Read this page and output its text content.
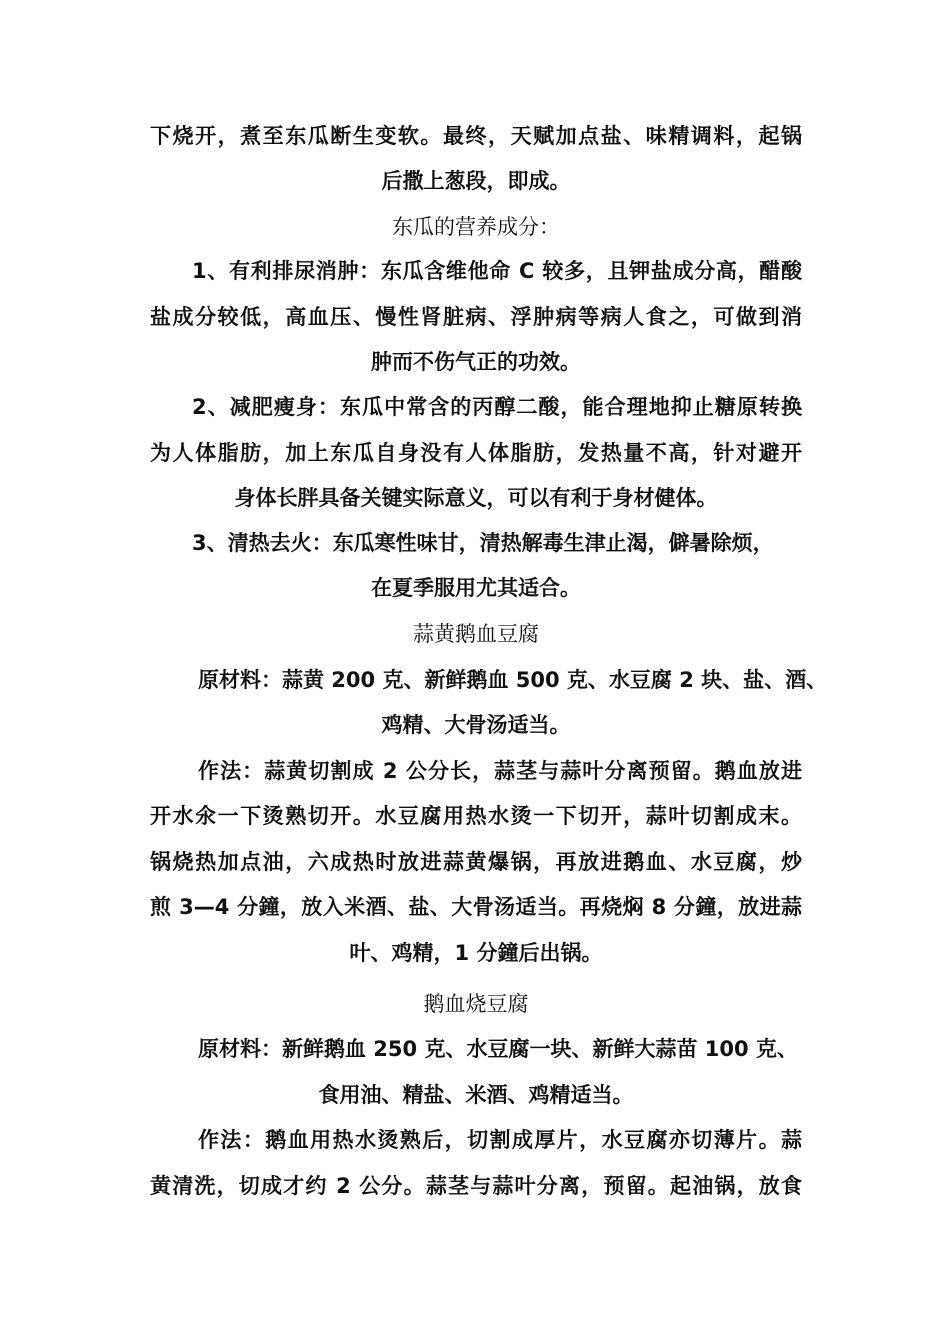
下烧开，煮至东瓜断生变软。最终，天赋加点盐、味精调料，起锅
后撒上葱段，即成。
东瓜的营养成分：
1、有利排尿消肿：东瓜含维他命 C 较多，且钾盐成分高，醋酸
盐成分较低，高血压、慢性肾脏病、浮肿病等病人食之，可做到消
肿而不伤气正的功效。
2、减肥瘦身：东瓜中常含的丙醇二酸，能合理地抑止糖原转换
为人体脂肪，加上东瓜自身没有人体脂肪，发热量不高，针对避开
身体长胖具备关键实际意义，可以有利于身材健体。
3、清热去火：东瓜寒性味甘，清热解毒生津止渴，僻暑除烦，
在夏季服用尤其适合。
蒜黄鹅血豆腐
原材料：蒜黄 200 克、新鲜鹅血 500 克、水豆腐 2 块、盐、酒、
鸡精、大骨汤适当。
作法：蒜黄切割成 2 公分长，蒜茎与蒜叶分离预留。鹅血放进
开水氽一下烫熟切开。水豆腐用热水烫一下切开，蒜叶切割成末。
锅烧热加点油，六成热时放进蒜黄爆锅，再放进鹅血、水豆腐，炒
煎 3—4 分鐘，放入米酒、盐、大骨汤适当。再烧焖 8 分鐘，放进蒜
叶、鸡精，1 分鐘后出锅。
鹅血烧豆腐
原材料：新鲜鹅血 250 克、水豆腐一块、新鲜大蒜苗 100 克、
食用油、精盐、米酒、鸡精适当。
作法：鹅血用热水烫熟后，切割成厚片，水豆腐亦切薄片。蒜
黄清洗，切成才约 2 公分。蒜茎与蒜叶分离，预留。起油锅，放食
